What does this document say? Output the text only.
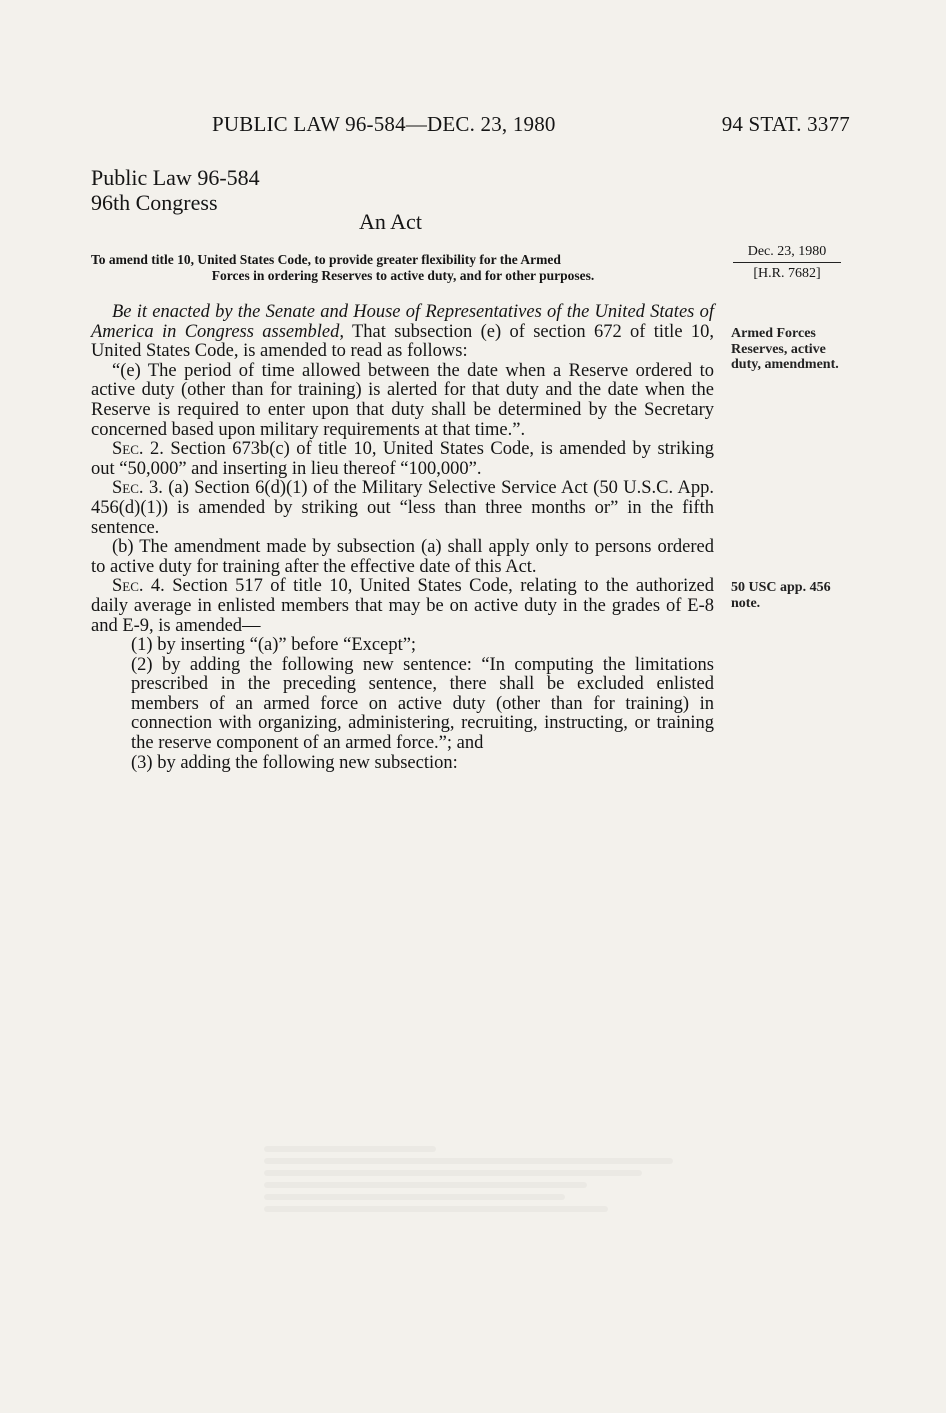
PUBLIC LAW 96-584—DEC. 23, 1980	94 STAT. 3377
Public Law 96-584
96th Congress
An Act
To amend title 10, United States Code, to provide greater flexibility for the Armed
Forces in ordering Reserves to active duty, and for other purposes.
Dec. 23, 1980
[H.R. 7682]
Armed Forces Reserves, active duty, amendment.
50 USC app. 456 note.

Be it enacted by the Senate and House of Representatives of the United States of America in Congress assembled, That subsection (e) of section 672 of title 10, United States Code, is amended to read as follows:

“(e) The period of time allowed between the date when a Reserve ordered to active duty (other than for training) is alerted for that duty and the date when the Reserve is required to enter upon that duty shall be determined by the Secretary concerned based upon military requirements at that time.”.

Sec. 2. Section 673b(c) of title 10, United States Code, is amended by striking out “50,000” and inserting in lieu thereof “100,000”.

Sec. 3. (a) Section 6(d)(1) of the Military Selective Service Act (50 U.S.C. App. 456(d)(1)) is amended by striking out “less than three months or” in the fifth sentence.

(b) The amendment made by subsection (a) shall apply only to persons ordered to active duty for training after the effective date of this Act.

Sec. 4. Section 517 of title 10, United States Code, relating to the authorized daily average in enlisted members that may be on active duty in the grades of E-8 and E-9, is amended—

(1) by inserting “(a)” before “Except”;

(2) by adding the following new sentence: “In computing the limitations prescribed in the preceding sentence, there shall be excluded enlisted members of an armed force on active duty (other than for training) in connection with organizing, administering, recruiting, instructing, or training the reserve component of an armed force.”; and

(3) by adding the following new subsection:
